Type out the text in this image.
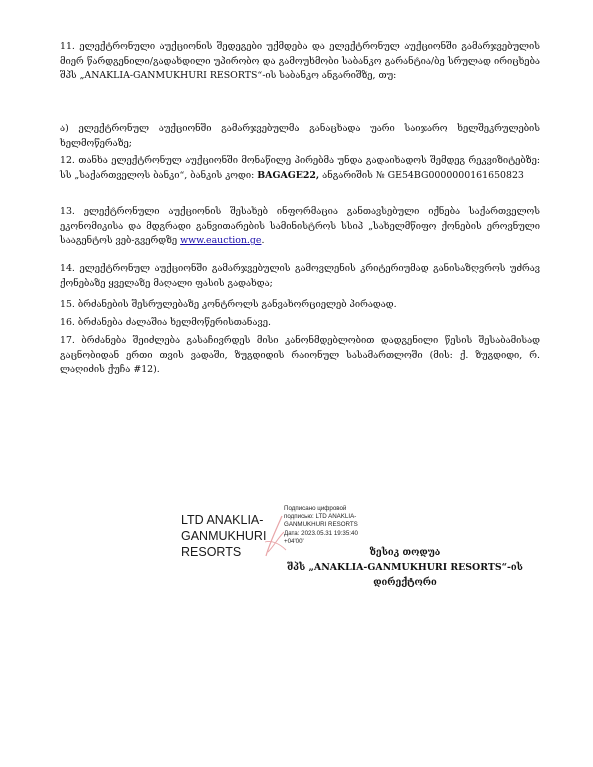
11. ელექტრონული აუქციონის შედეგები უქმდება და ელექტრონულ აუქციონში გამარჯვებულის მიერ წარდგენილი/გადახდილი უპირობო და გამოუხმობი საბანკო გარანტია/ბე სრულად ირიცხება შპს „ANAKLIA-GANMUKHURI RESORTS“-ის საბანკო ანგარიშზე, თუ:
ა) ელექტრონულ აუქციონში გამარჯვებულმა განაცხადა უარი საიჯარო ხელშეკრულების ხელმოწერაზე;
12. თანხა ელექტრონულ აუქციონში მონაწილე პირებმა უნდა გადაიხადოს შემდეგ რეკვიზიტებზე: სს „საქართველოს ბანკი“, ბანკის კოდი: BAGAGE22, ანგარიშის № GE54BG0000000161650823
13. ელექტრონული აუქციონის შესახებ ინფორმაცია განთავსებული იქნება საქართველოს ეკონომიკისა და მდგრადი განვითარების სამინისტროს სსიპ „სახელმწიფო ქონების ეროვნული სააგენტოს ვებ-გვერდზე www.eauction.ge.
14. ელექტრონულ აუქციონში გამარჯვებულის გამოვლენის კრიტერიუმად განისაზღვროს უძრავ ქონებაზე ყველაზე მაღალი ფასის გადახდა;
15. ბრძანების შესრულებაზე კონტროლს განვახორციელებ პირადად.
16. ბრძანება ძალაშია ხელმოწერისთანავე.
17. ბრძანება შეიძლება გასაჩივრდეს მისი კანონმდებლობით დადგენილი წესის შესაბამისად გაცნობიდან ერთი თვის ვადაში, ზუგდიდის რაიონულ სასამართლოში (მის: ქ. ზუგდიდი, რ. ლაღიძის ქუჩა #12).
ზესიკ თოდუა
შპს „ANAKLIA-GANMUKHURI RESORTS“-ის
დირექტორი
LTD ANAKLIA-
GANMUKHURI
RESORTS
Подписано цифровой
подписью: LTD ANAKLIA-
GANMUKHURI RESORTS
Дата: 2023.05.31 19:35:40
+04'00'
